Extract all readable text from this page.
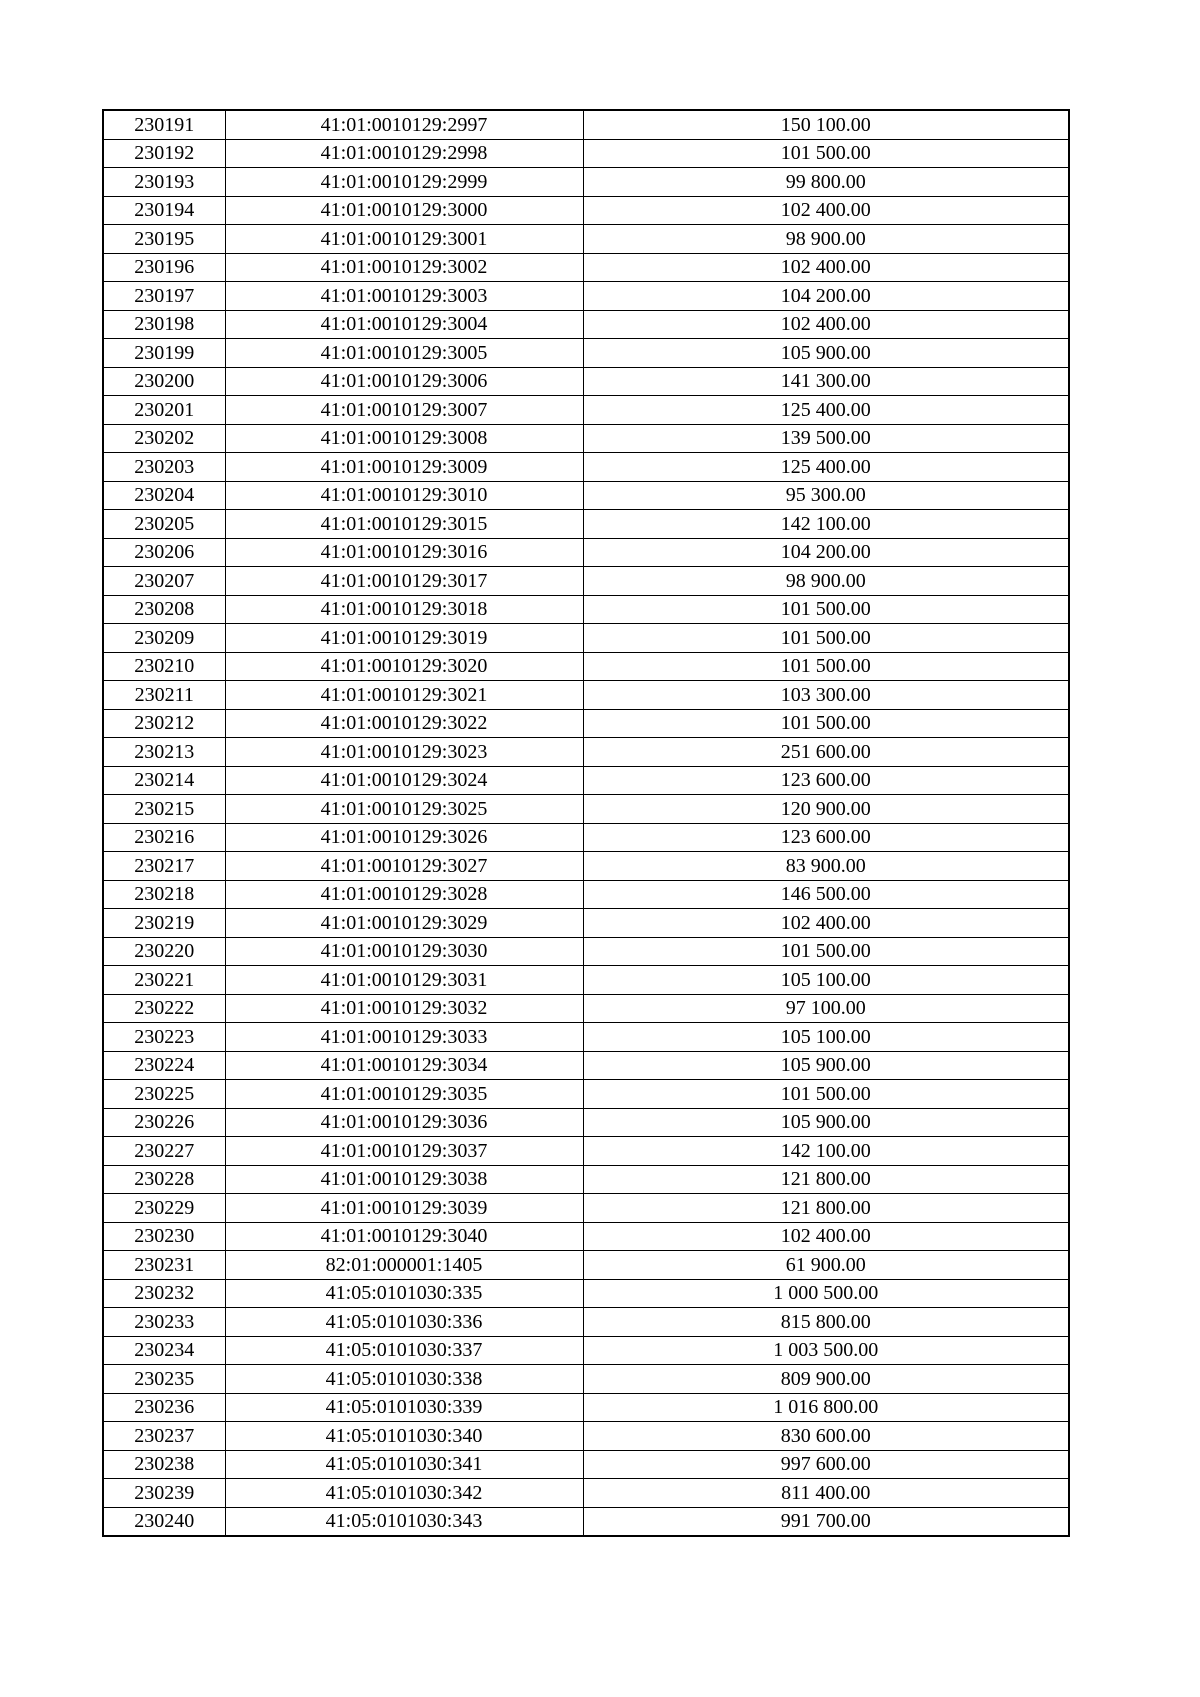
230191	41:01:0010129:2997	150 100.00
230192	41:01:0010129:2998	101 500.00
230193	41:01:0010129:2999	99 800.00
230194	41:01:0010129:3000	102 400.00
230195	41:01:0010129:3001	98 900.00
230196	41:01:0010129:3002	102 400.00
230197	41:01:0010129:3003	104 200.00
230198	41:01:0010129:3004	102 400.00
230199	41:01:0010129:3005	105 900.00
230200	41:01:0010129:3006	141 300.00
230201	41:01:0010129:3007	125 400.00
230202	41:01:0010129:3008	139 500.00
230203	41:01:0010129:3009	125 400.00
230204	41:01:0010129:3010	95 300.00
230205	41:01:0010129:3015	142 100.00
230206	41:01:0010129:3016	104 200.00
230207	41:01:0010129:3017	98 900.00
230208	41:01:0010129:3018	101 500.00
230209	41:01:0010129:3019	101 500.00
230210	41:01:0010129:3020	101 500.00
230211	41:01:0010129:3021	103 300.00
230212	41:01:0010129:3022	101 500.00
230213	41:01:0010129:3023	251 600.00
230214	41:01:0010129:3024	123 600.00
230215	41:01:0010129:3025	120 900.00
230216	41:01:0010129:3026	123 600.00
230217	41:01:0010129:3027	83 900.00
230218	41:01:0010129:3028	146 500.00
230219	41:01:0010129:3029	102 400.00
230220	41:01:0010129:3030	101 500.00
230221	41:01:0010129:3031	105 100.00
230222	41:01:0010129:3032	97 100.00
230223	41:01:0010129:3033	105 100.00
230224	41:01:0010129:3034	105 900.00
230225	41:01:0010129:3035	101 500.00
230226	41:01:0010129:3036	105 900.00
230227	41:01:0010129:3037	142 100.00
230228	41:01:0010129:3038	121 800.00
230229	41:01:0010129:3039	121 800.00
230230	41:01:0010129:3040	102 400.00
230231	82:01:000001:1405	61 900.00
230232	41:05:0101030:335	1 000 500.00
230233	41:05:0101030:336	815 800.00
230234	41:05:0101030:337	1 003 500.00
230235	41:05:0101030:338	809 900.00
230236	41:05:0101030:339	1 016 800.00
230237	41:05:0101030:340	830 600.00
230238	41:05:0101030:341	997 600.00
230239	41:05:0101030:342	811 400.00
230240	41:05:0101030:343	991 700.00
